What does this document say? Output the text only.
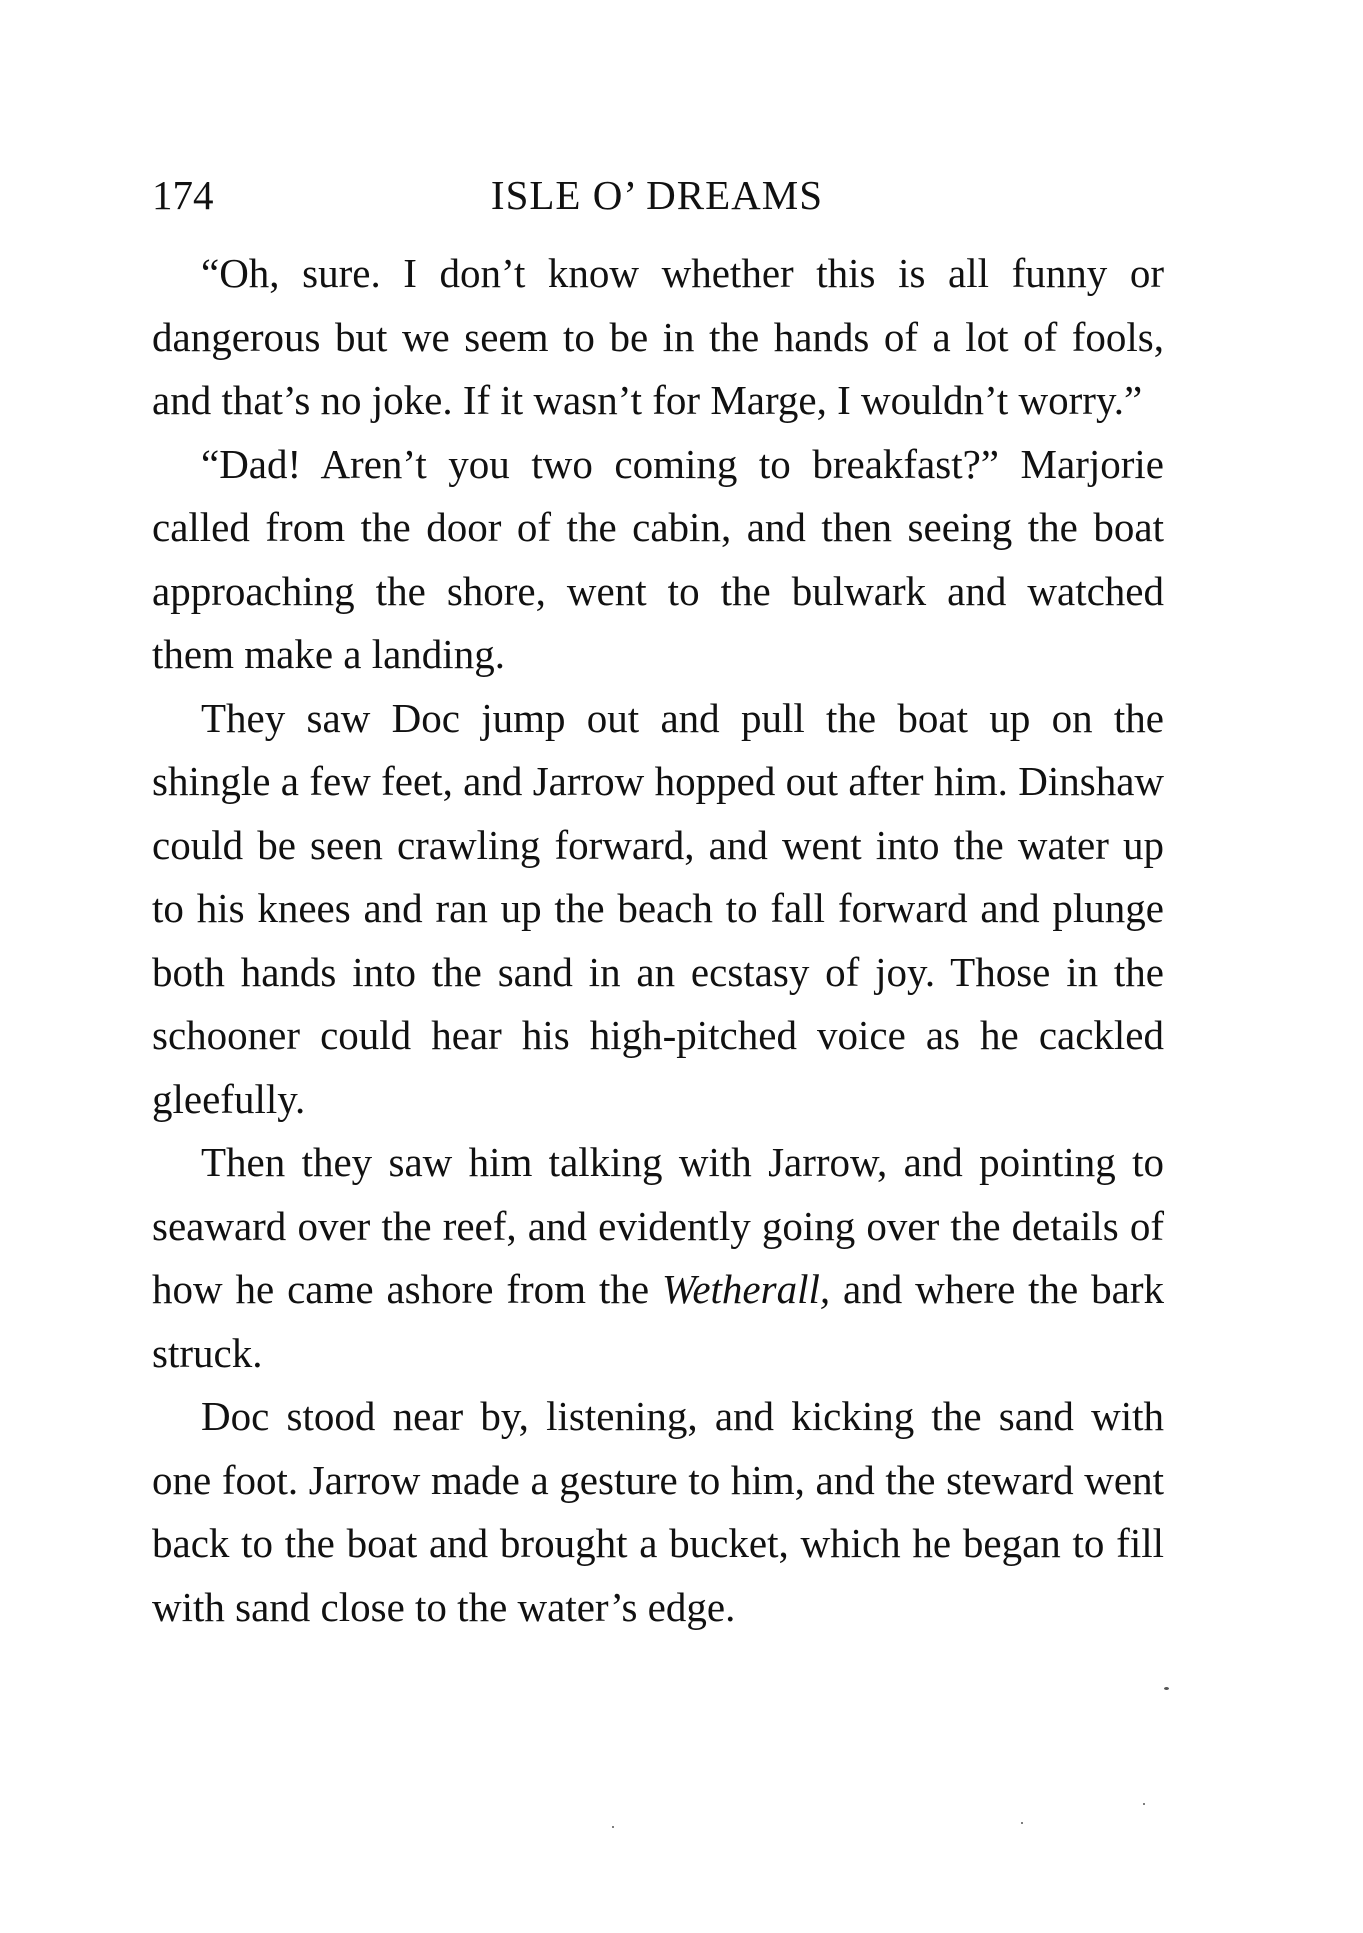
174	ISLE O’ DREAMS

“Oh, sure. I don’t know whether this is all funny or dangerous but we seem to be in the hands of a lot of fools, and that’s no joke. If it wasn’t for Marge, I wouldn’t worry.”

“Dad! Aren’t you two coming to breakfast?” Marjorie called from the door of the cabin, and then seeing the boat approaching the shore, went to the bulwark and watched them make a landing.

They saw Doc jump out and pull the boat up on the shingle a few feet, and Jarrow hopped out after him. Dinshaw could be seen crawling forward, and went into the water up to his knees and ran up the beach to fall forward and plunge both hands into the sand in an ecstasy of joy. Those in the schooner could hear his high-pitched voice as he cackled gleefully.

Then they saw him talking with Jarrow, and pointing to seaward over the reef, and evidently going over the details of how he came ashore from the Wetherall, and where the bark struck.

Doc stood near by, listening, and kicking the sand with one foot. Jarrow made a gesture to him, and the steward went back to the boat and brought a bucket, which he began to fill with sand close to the water’s edge.
